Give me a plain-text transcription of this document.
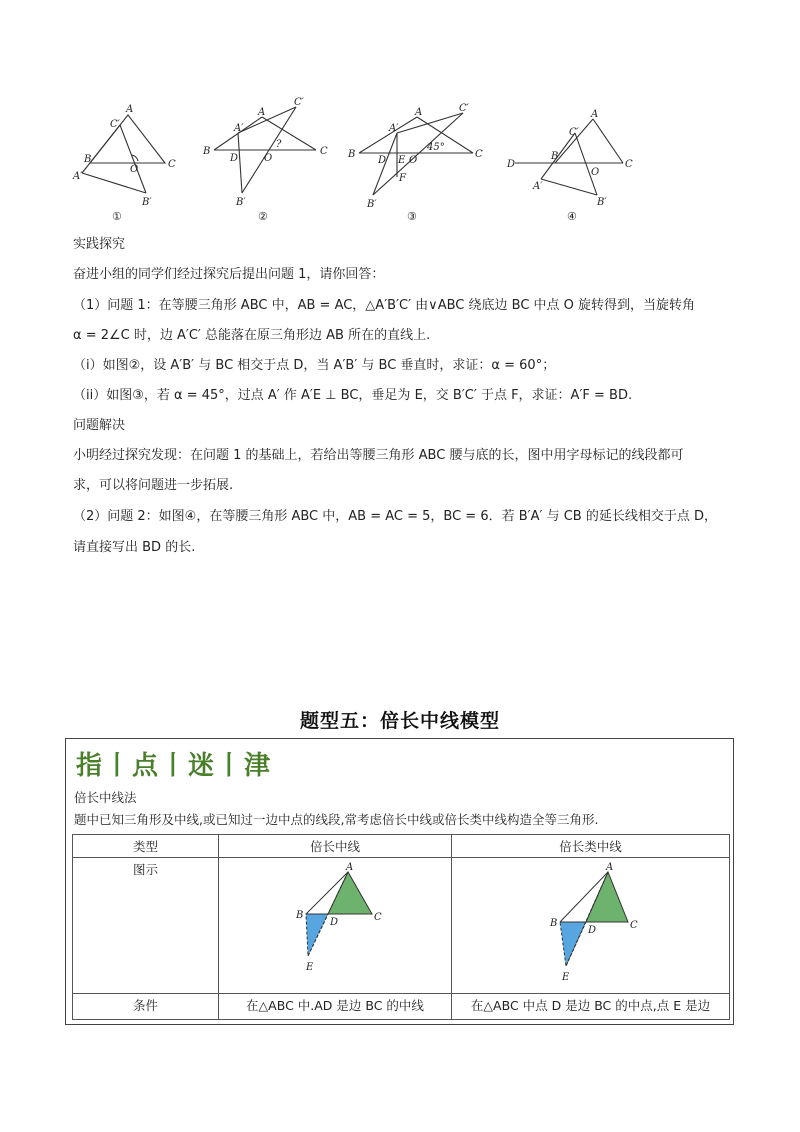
A
C′
B
O	C
A′
B′
①
C′
A′
A
B
D	O
?
C
B′
②
C′
A
A′
B
D E O
45°
C
F
B′
③
A
C′
D
B
C
O
A′
B′
④
实践探究
奋进小组的同学们经过探究后提出问题 1，请你回答：
（1）问题 1：在等腰三角形 ABC 中，AB = AC，△A′B′C′ 由∨ABC 绕底边 BC 中点 O 旋转得到，当旋转角
α = 2∠C 时，边 A′C′ 总能落在原三角形边 AB 所在的直线上.
（i）如图②，设 A′B′ 与 BC 相交于点 D，当 A′B′ 与 BC 垂直时，求证：α = 60°；
（ii）如图③，若 α = 45°，过点 A′ 作 A′E ⊥ BC，垂足为 E，交 B′C′ 于点 F，求证：A′F = BD.
问题解决
小明经过探究发现：在问题 1 的基础上，若给出等腰三角形 ABC 腰与底的长，图中用字母标记的线段都可
求，可以将问题进一步拓展.
（2）问题 2：如图④，在等腰三角形 ABC 中，AB = AC = 5，BC = 6．若 B′A′ 与 CB 的延长线相交于点 D，
请直接写出 BD 的长.
题型五：倍长中线模型
指丨点丨迷丨津
倍长中线法
题中已知三角形及中线,或已知过一边中点的线段,常考虑倍长中线或倍长类中线构造全等三角形.
类型	倍长中线	倍长类中线
图示	A
B C
D
E	A
B C
D
E

条件	在△ABC 中.AD 是边 BC 的中线	在△ABC 中点 D 是边 BC 的中点,点 E 是边
